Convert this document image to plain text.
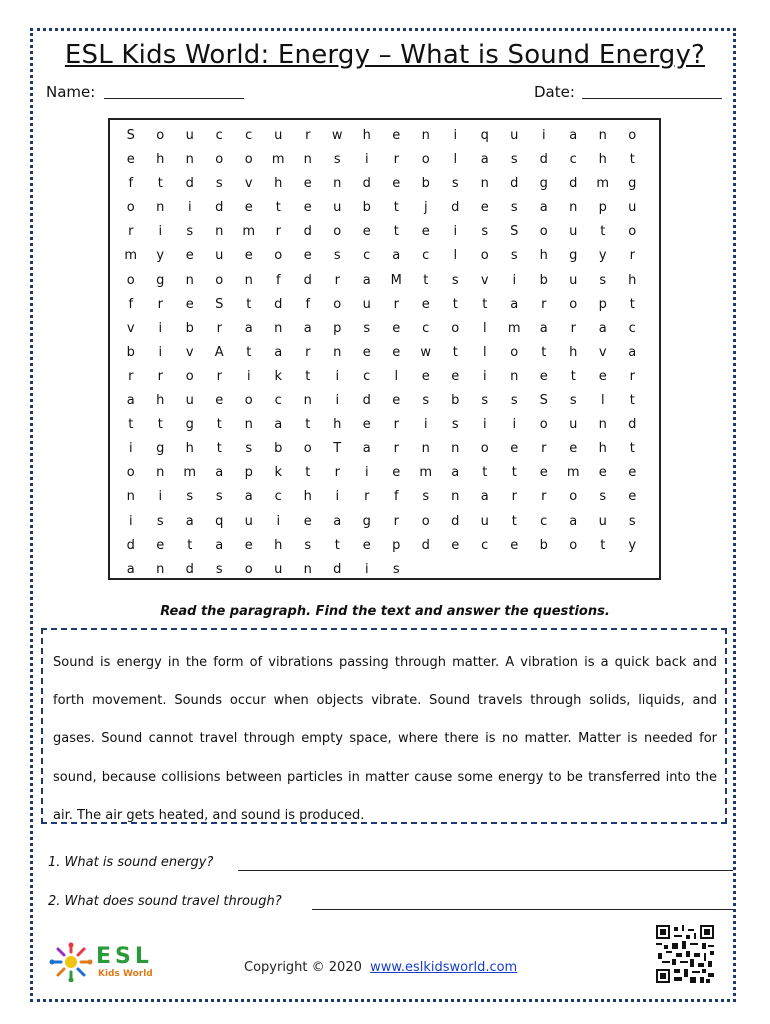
ESL Kids World: Energy – What is Sound Energy?
Name:	Date:
S	o	u	c	c	u	r	w	h	e	n	i	q	u	i	a	n	o
e	h	n	o	o	m	n	s	i	r	o	l	a	s	d	c	h	t
f	t	d	s	v	h	e	n	d	e	b	s	n	d	g	d	m	g
o	n	i	d	e	t	e	u	b	t	j	d	e	s	a	n	p	u
r	i	s	n	m	r	d	o	e	t	e	i	s	S	o	u	t	o
m	y	e	u	e	o	e	s	c	a	c	l	o	s	h	g	y	r
o	g	n	o	n	f	d	r	a	M	t	s	v	i	b	u	s	h
f	r	e	S	t	d	f	o	u	r	e	t	t	a	r	o	p	t
v	i	b	r	a	n	a	p	s	e	c	o	l	m	a	r	a	c
b	i	v	A	t	a	r	n	e	e	w	t	l	o	t	h	v	a
r	r	o	r	i	k	t	i	c	l	e	e	i	n	e	t	e	r
a	h	u	e	o	c	n	i	d	e	s	b	s	s	S	s	l	t
t	t	g	t	n	a	t	h	e	r	i	s	i	i	o	u	n	d
i	g	h	t	s	b	o	T	a	r	n	n	o	e	r	e	h	t
o	n	m	a	p	k	t	r	i	e	m	a	t	t	e	m	e	e
n	i	s	s	a	c	h	i	r	f	s	n	a	r	r	o	s	e
i	s	a	q	u	i	e	a	g	r	o	d	u	t	c	a	u	s
d	e	t	a	e	h	s	t	e	p	d	e	c	e	b	o	t	y
a	n	d	s	o	u	n	d	i	s
Read the paragraph. Find the text and answer the questions.

Sound is energy in the form of vibrations passing through matter. A vibration is a quick back and forth movement. Sounds occur when objects vibrate. Sound travels through solids, liquids, and gases. Sound cannot travel through empty space, where there is no matter. Matter is needed for sound, because collisions between particles in matter cause some energy to be transferred into the air. The air gets heated, and sound is produced.

1. What is sound energy?
2. What does sound travel through?
ESL
Kids World	Copyright © 2020 www.eslkidsworld.com
